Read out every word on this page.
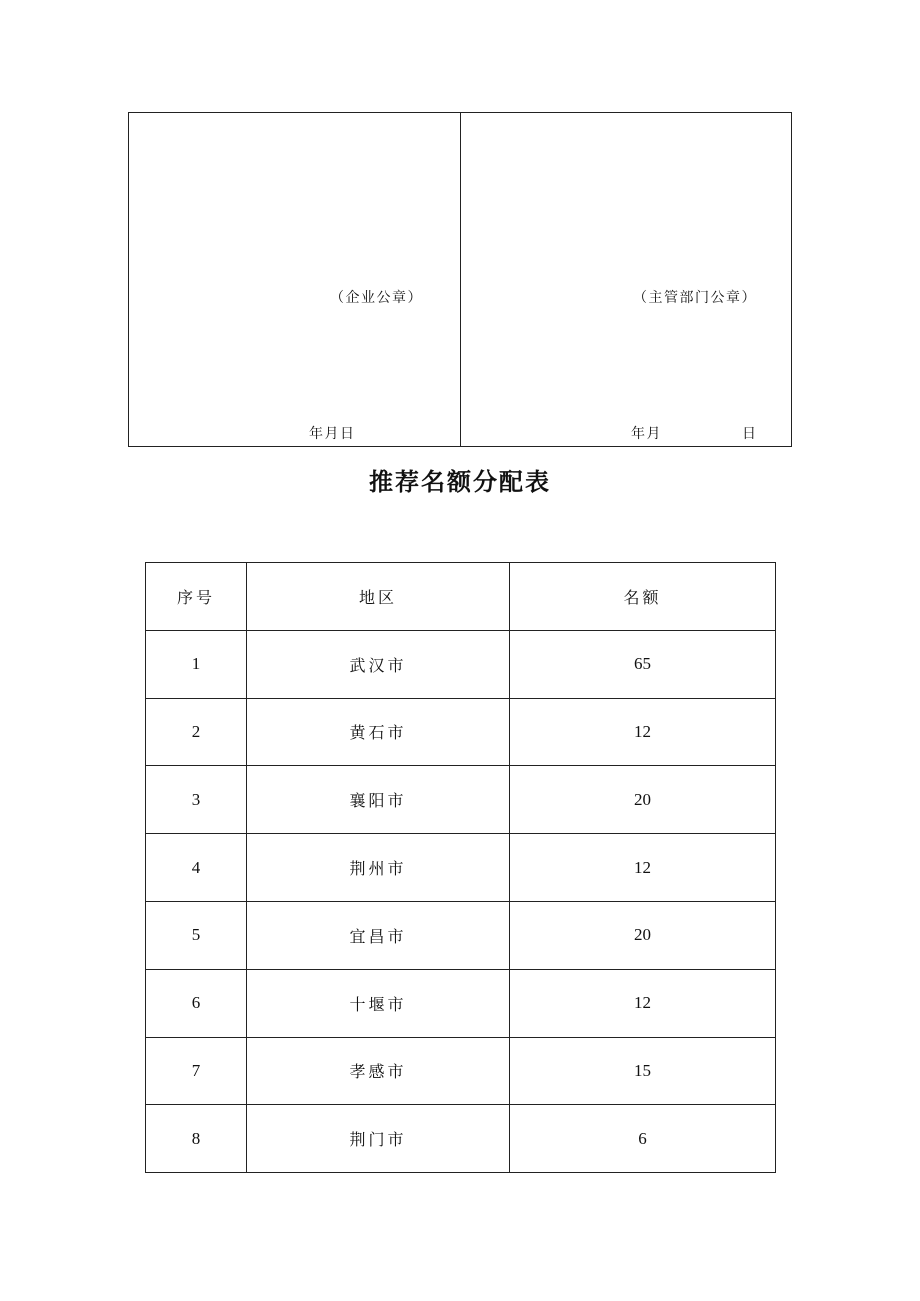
（企业公章）
年月日
（主管部门公章）
年月	日
推荐名额分配表
序号	地区	名额
1	武汉市	65
2	黄石市	12
3	襄阳市	20
4	荆州市	12
5	宜昌市	20
6	十堰市	12
7	孝感市	15
8	荆门市	6
